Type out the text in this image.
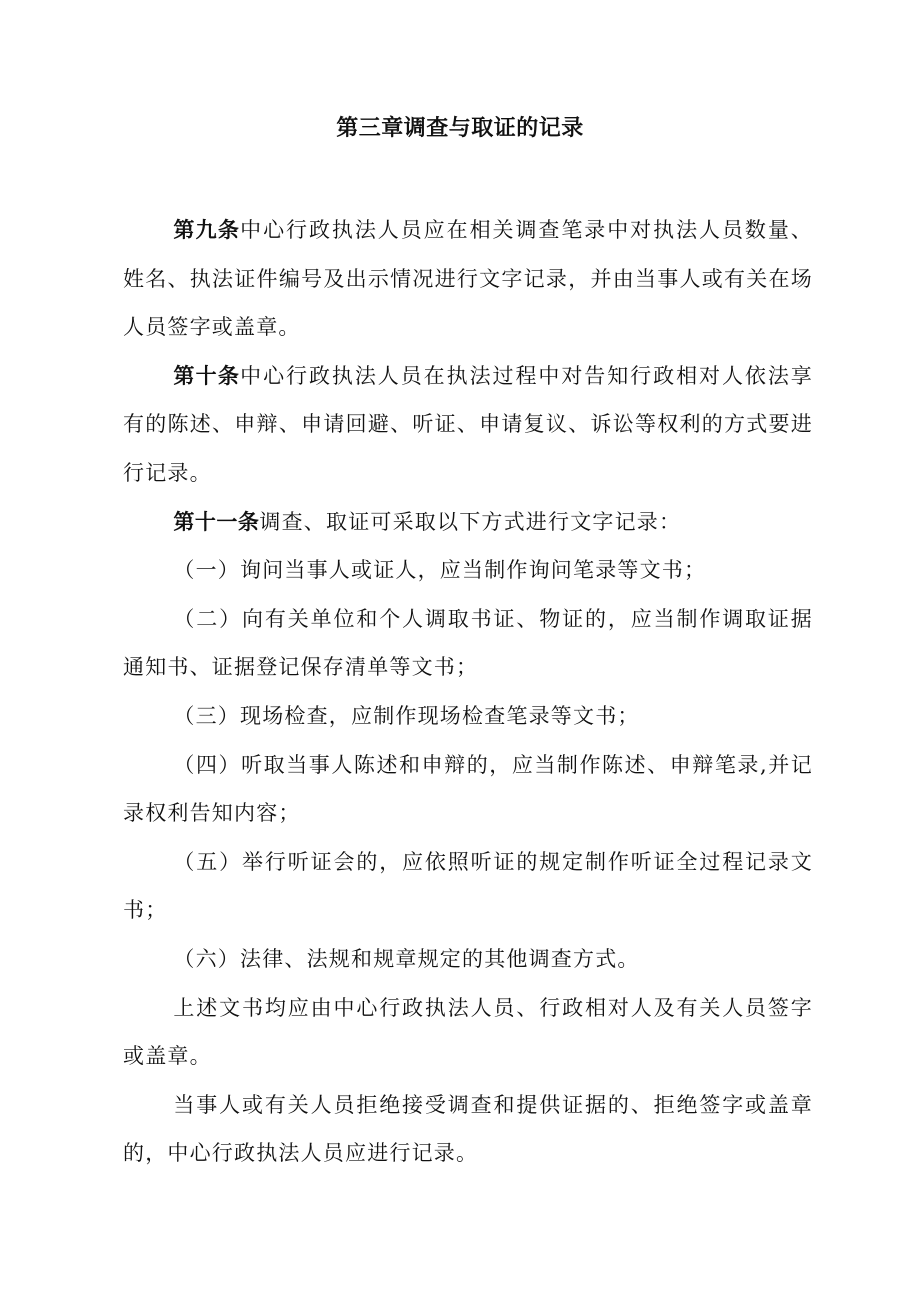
第三章调查与取证的记录

第九条中心行政执法人员应在相关调查笔录中对执法人员数量、姓名、执法证件编号及出示情况进行文字记录，并由当事人或有关在场人员签字或盖章。

第十条中心行政执法人员在执法过程中对告知行政相对人依法享有的陈述、申辩、申请回避、听证、申请复议、诉讼等权利的方式要进行记录。

第十一条调查、取证可采取以下方式进行文字记录：

（一）询问当事人或证人，应当制作询问笔录等文书；

（二）向有关单位和个人调取书证、物证的，应当制作调取证据通知书、证据登记保存清单等文书；

（三）现场检查，应制作现场检查笔录等文书；

（四）听取当事人陈述和申辩的，应当制作陈述、申辩笔录,并记录权利告知内容；

（五）举行听证会的，应依照听证的规定制作听证全过程记录文书；

（六）法律、法规和规章规定的其他调查方式。

上述文书均应由中心行政执法人员、行政相对人及有关人员签字或盖章。

当事人或有关人员拒绝接受调查和提供证据的、拒绝签字或盖章的，中心行政执法人员应进行记录。
